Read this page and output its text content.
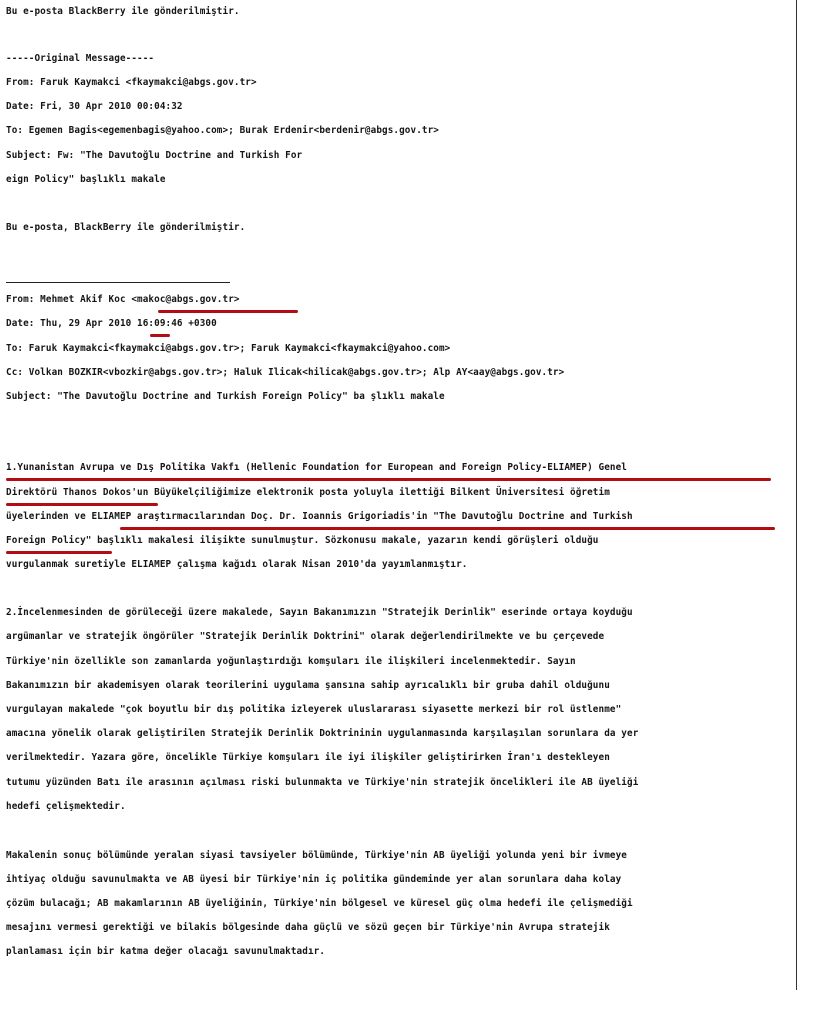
Bu e-posta BlackBerry ile gönderilmiştir.
-----Original Message-----
From: Faruk Kaymakci <fkaymakci@abgs.gov.tr>
Date: Fri, 30 Apr 2010 00:04:32
To: Egemen Bagis<egemenbagis@yahoo.com>; Burak Erdenir<berdenir@abgs.gov.tr>
Subject: Fw: "The Davutoğlu Doctrine and Turkish For
eign Policy" başlıklı makale
Bu e-posta, BlackBerry ile gönderilmiştir.
From: Mehmet Akif Koc <makoc@abgs.gov.tr>
Date: Thu, 29 Apr 2010 16:09:46 +0300
To: Faruk Kaymakci<fkaymakci@abgs.gov.tr>; Faruk Kaymakci<fkaymakci@yahoo.com>
Cc: Volkan BOZKIR<vbozkir@abgs.gov.tr>; Haluk Ilicak<hilicak@abgs.gov.tr>; Alp AY<aay@abgs.gov.tr>
Subject: "The Davutoğlu Doctrine and Turkish Foreign Policy" ba şlıklı makale
1.Yunanistan Avrupa ve Dış Politika Vakfı (Hellenic Foundation for European and Foreign Policy-ELIAMEP) Genel
Direktörü Thanos Dokos'un Büyükelçiliğimize elektronik posta yoluyla ilettiği Bilkent Üniversitesi öğretim
üyelerinden ve ELIAMEP araştırmacılarından Doç. Dr. Ioannis Grigoriadis'in "The Davutoğlu Doctrine and Turkish
Foreign Policy" başlıklı makalesi ilişikte sunulmuştur. Sözkonusu makale, yazarın kendi görüşleri olduğu
vurgulanmak suretiyle ELIAMEP çalışma kağıdı olarak Nisan 2010'da yayımlanmıştır.
2.İncelenmesinden de görüleceği üzere makalede, Sayın Bakanımızın "Stratejik Derinlik" eserinde ortaya koyduğu
argümanlar ve stratejik öngörüler "Stratejik Derinlik Doktrini" olarak değerlendirilmekte ve bu çerçevede
Türkiye'nin özellikle son zamanlarda yoğunlaştırdığı komşuları ile ilişkileri incelenmektedir. Sayın
Bakanımızın bir akademisyen olarak teorilerini uygulama şansına sahip ayrıcalıklı bir gruba dahil olduğunu
vurgulayan makalede "çok boyutlu bir dış politika izleyerek uluslararası siyasette merkezi bir rol üstlenme"
amacına yönelik olarak geliştirilen Stratejik Derinlik Doktrininin uygulanmasında karşılaşılan sorunlara da yer
verilmektedir. Yazara göre, öncelikle Türkiye komşuları ile iyi ilişkiler geliştirirken İran'ı destekleyen
tutumu yüzünden Batı ile arasının açılması riski bulunmakta ve Türkiye'nin stratejik öncelikleri ile AB üyeliği
hedefi çelişmektedir.
Makalenin sonuç bölümünde yeralan siyasi tavsiyeler bölümünde, Türkiye'nin AB üyeliği yolunda yeni bir ivmeye
ihtiyaç olduğu savunulmakta ve AB üyesi bir Türkiye'nin iç politika gündeminde yer alan sorunlara daha kolay
çözüm bulacağı; AB makamlarının AB üyeliğinin, Türkiye'nin bölgesel ve küresel güç olma hedefi ile çelişmediği
mesajını vermesi gerektiği ve bilakis bölgesinde daha güçlü ve sözü geçen bir Türkiye'nin Avrupa stratejik
planlaması için bir katma değer olacağı savunulmaktadır.
